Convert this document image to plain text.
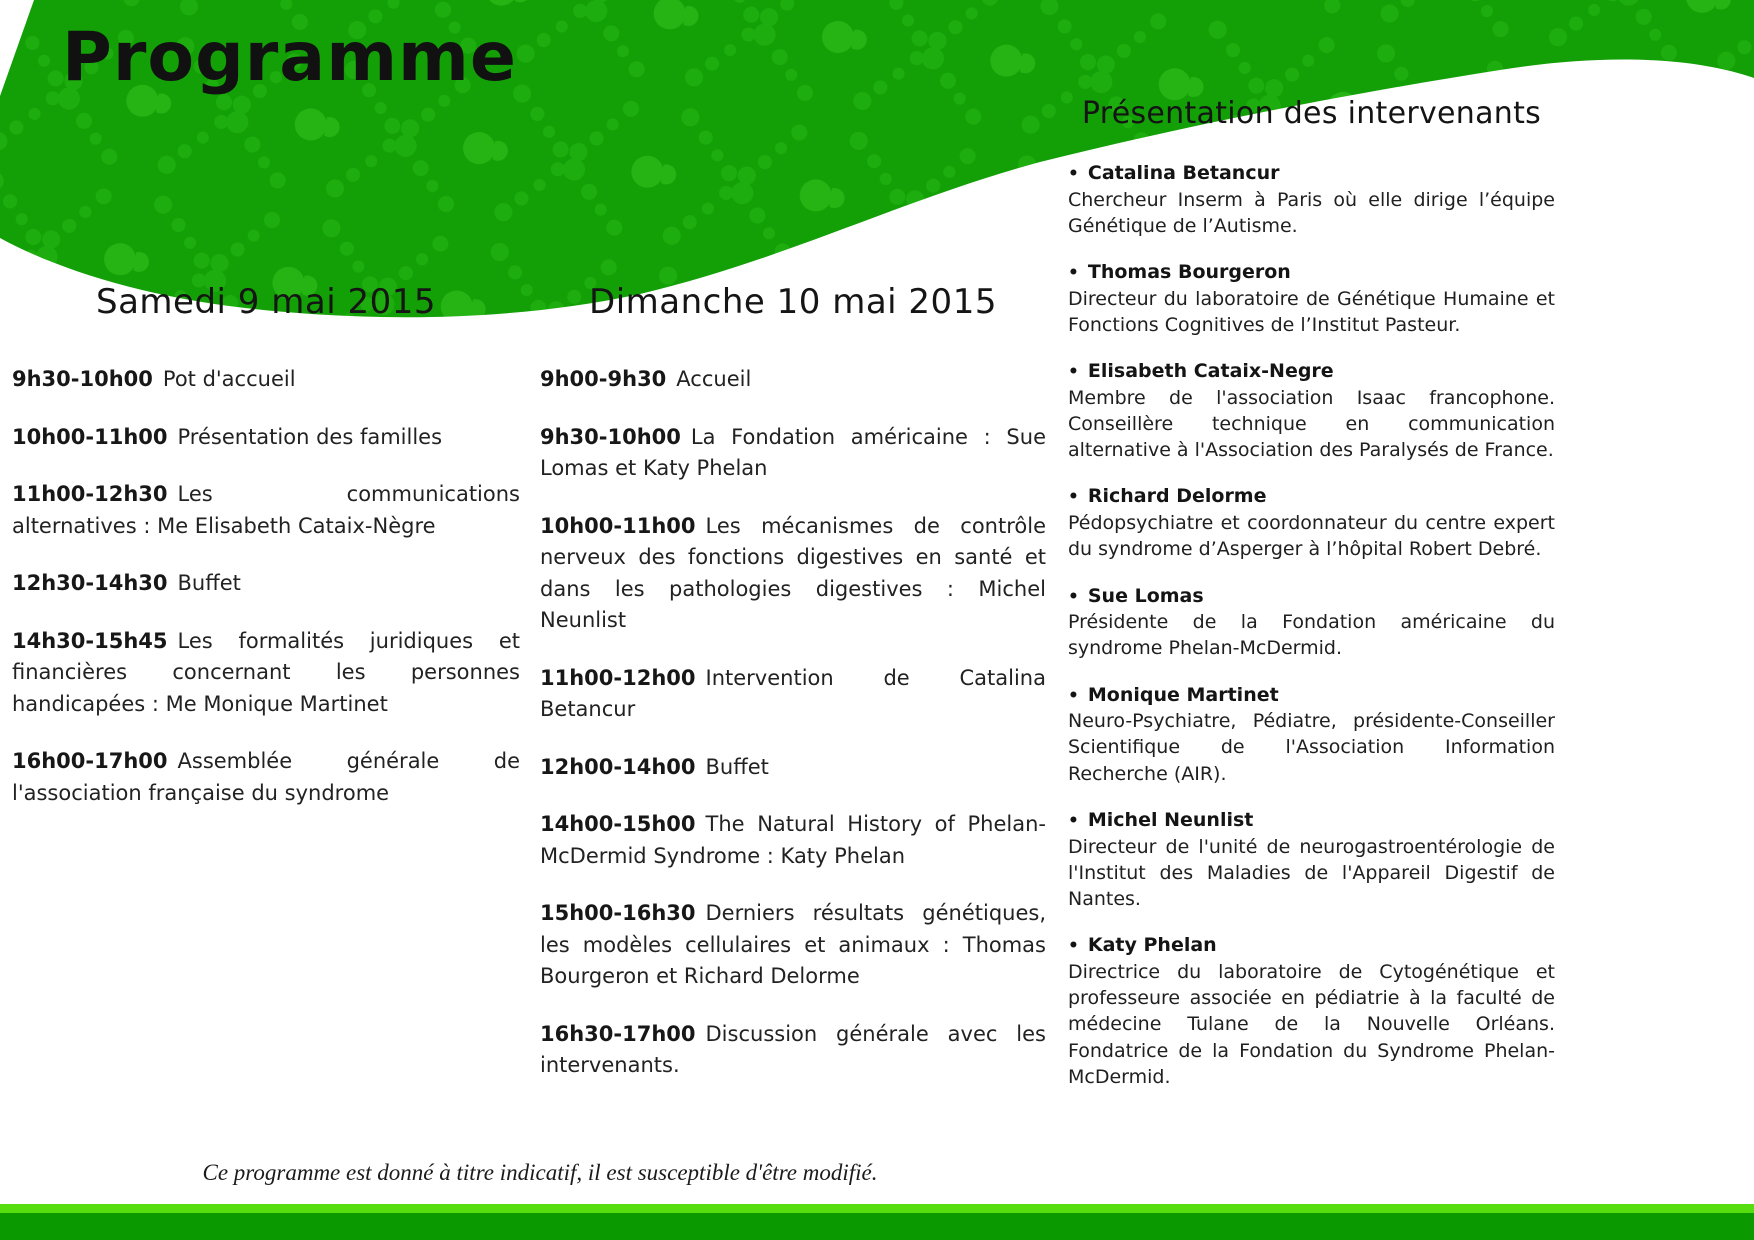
Programme
Samedi 9 mai 2015

9h30-10h00 Pot d'accueil

10h00-11h00 Présentation des familles

11h00-12h30 Les communications alternatives : Me Elisabeth Cataix-Nègre

12h30-14h30 Buffet

14h30-15h45 Les formalités juridiques et financières concernant les personnes handicapées : Me Monique Martinet

16h00-17h00 Assemblée générale de l'association française du syndrome

Dimanche 10 mai 2015

9h00-9h30 Accueil

9h30-10h00 La Fondation américaine : Sue Lomas et Katy Phelan

10h00-11h00 Les mécanismes de contrôle nerveux des fonctions digestives en santé et dans les pathologies digestives : Michel Neunlist

11h00-12h00 Intervention de Catalina Betancur

12h00-14h00 Buffet

14h00-15h00 The Natural History of Phelan-McDermid Syndrome : Katy Phelan

15h00-16h30 Derniers résultats génétiques, les modèles cellulaires et animaux : Thomas Bourgeron et Richard Delorme

16h30-17h00 Discussion générale avec les intervenants.

Présentation des intervenants

• Catalina Betancur

Chercheur Inserm à Paris où elle dirige l’équipe Génétique de l’Autisme.

• Thomas Bourgeron

Directeur du laboratoire de Génétique Humaine et Fonctions Cognitives de l’Institut Pasteur.

• Elisabeth Cataix-Negre

Membre de l'association Isaac francophone. Conseillère technique en communication alternative à l'Association des Paralysés de France.

• Richard Delorme

Pédopsychiatre et coordonnateur du centre expert du syndrome d’Asperger à l’hôpital Robert Debré.

• Sue Lomas

Présidente de la Fondation américaine du syndrome Phelan-McDermid.

• Monique Martinet

Neuro-Psychiatre, Pédiatre, présidente-Conseiller Scientifique de l'Association Information Recherche (AIR).

• Michel Neunlist

Directeur de l'unité de neurogastroentérologie de l'Institut des Maladies de l'Appareil Digestif de Nantes.

• Katy Phelan

Directrice du laboratoire de Cytogénétique et professeure associée en pédiatrie à la faculté de médecine Tulane de la Nouvelle Orléans. Fondatrice de la Fondation du Syndrome Phelan-McDermid.

Ce programme est donné à titre indicatif, il est susceptible d'être modifié.
